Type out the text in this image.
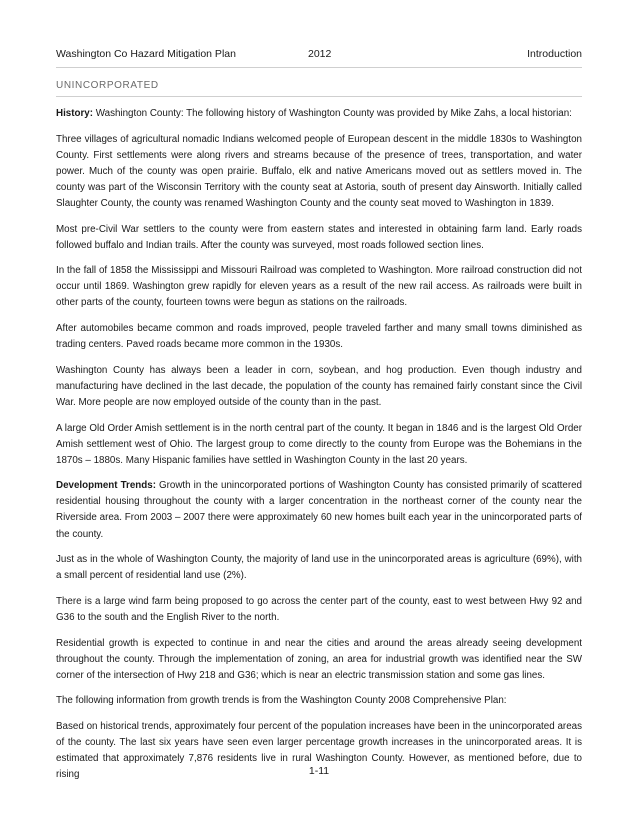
Washington Co Hazard Mitigation Plan	2012	Introduction
UNINCORPORATED

History: Washington County: The following history of Washington County was provided by Mike Zahs, a local historian:

Three villages of agricultural nomadic Indians welcomed people of European descent in the middle 1830s to Washington County. First settlements were along rivers and streams because of the presence of trees, transportation, and water power. Much of the county was open prairie. Buffalo, elk and native Americans moved out as settlers moved in. The county was part of the Wisconsin Territory with the county seat at Astoria, south of present day Ainsworth. Initially called Slaughter County, the county was renamed Washington County and the county seat moved to Washington in 1839.

Most pre-Civil War settlers to the county were from eastern states and interested in obtaining farm land. Early roads followed buffalo and Indian trails. After the county was surveyed, most roads followed section lines.

In the fall of 1858 the Mississippi and Missouri Railroad was completed to Washington. More railroad construction did not occur until 1869. Washington grew rapidly for eleven years as a result of the new rail access. As railroads were built in other parts of the county, fourteen towns were begun as stations on the railroads.

After automobiles became common and roads improved, people traveled farther and many small towns diminished as trading centers. Paved roads became more common in the 1930s.

Washington County has always been a leader in corn, soybean, and hog production. Even though industry and manufacturing have declined in the last decade, the population of the county has remained fairly constant since the Civil War. More people are now employed outside of the county than in the past.

A large Old Order Amish settlement is in the north central part of the county. It began in 1846 and is the largest Old Order Amish settlement west of Ohio. The largest group to come directly to the county from Europe was the Bohemians in the 1870s – 1880s. Many Hispanic families have settled in Washington County in the last 20 years.

Development Trends: Growth in the unincorporated portions of Washington County has consisted primarily of scattered residential housing throughout the county with a larger concentration in the northeast corner of the county near the Riverside area. From 2003 – 2007 there were approximately 60 new homes built each year in the unincorporated parts of the county.

Just as in the whole of Washington County, the majority of land use in the unincorporated areas is agriculture (69%), with a small percent of residential land use (2%).

There is a large wind farm being proposed to go across the center part of the county, east to west between Hwy 92 and G36 to the south and the English River to the north.

Residential growth is expected to continue in and near the cities and around the areas already seeing development throughout the county. Through the implementation of zoning, an area for industrial growth was identified near the SW corner of the intersection of Hwy 218 and G36; which is near an electric transmission station and some gas lines.

The following information from growth trends is from the Washington County 2008 Comprehensive Plan:

Based on historical trends, approximately four percent of the population increases have been in the unincorporated areas of the county. The last six years have seen even larger percentage growth increases in the unincorporated areas. It is estimated that approximately 7,876 residents live in rural Washington County. However, as mentioned before, due to rising	1-11
